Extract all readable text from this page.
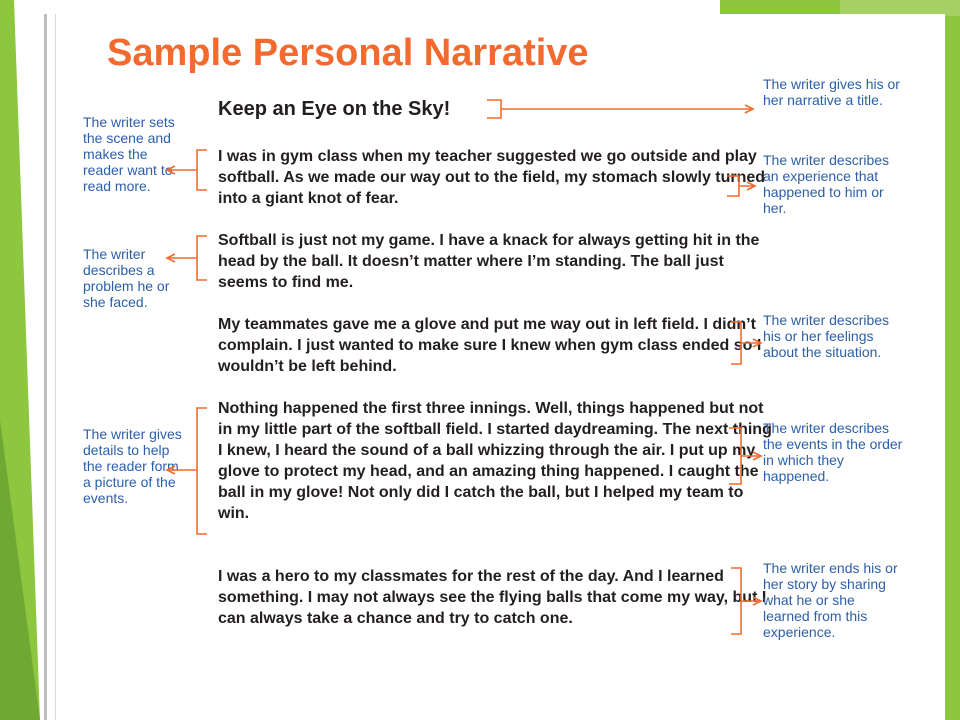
Sample Personal Narrative
Keep an Eye on the Sky!

I was in gym class when my teacher suggested we go outside and play softball. As we made our way out to the field, my stomach slowly turned into a giant knot of fear.

Softball is just not my game. I have a knack for always getting hit in the head by the ball. It doesn’t matter where I’m standing. The ball just seems to find me.

My teammates gave me a glove and put me way out in left field. I didn’t complain. I just wanted to make sure I knew when gym class ended so I wouldn’t be left behind.

Nothing happened the first three innings. Well, things happened but not in my little part of the softball field. I started daydreaming. The next thing I knew, I heard the sound of a ball whizzing through the air. I put up my glove to protect my head, and an amazing thing happened. I caught the ball in my glove! Not only did I catch the ball, but I helped my team to win.

I was a hero to my classmates for the rest of the day. And I learned something. I may not always see the flying balls that come my way, but I can always take a chance and try to catch one.

The writer sets the scene and makes the reader want to read more.

The writer describes a problem he or she faced.

The writer gives details to help the reader form a picture of the events.

The writer gives his or her narrative a title.

The writer describes an experience that happened to him or her.

The writer describes his or her feelings about the situation.

The writer describes the events in the order in which they happened.

The writer ends his or her story by sharing what he or she learned from this experience.
